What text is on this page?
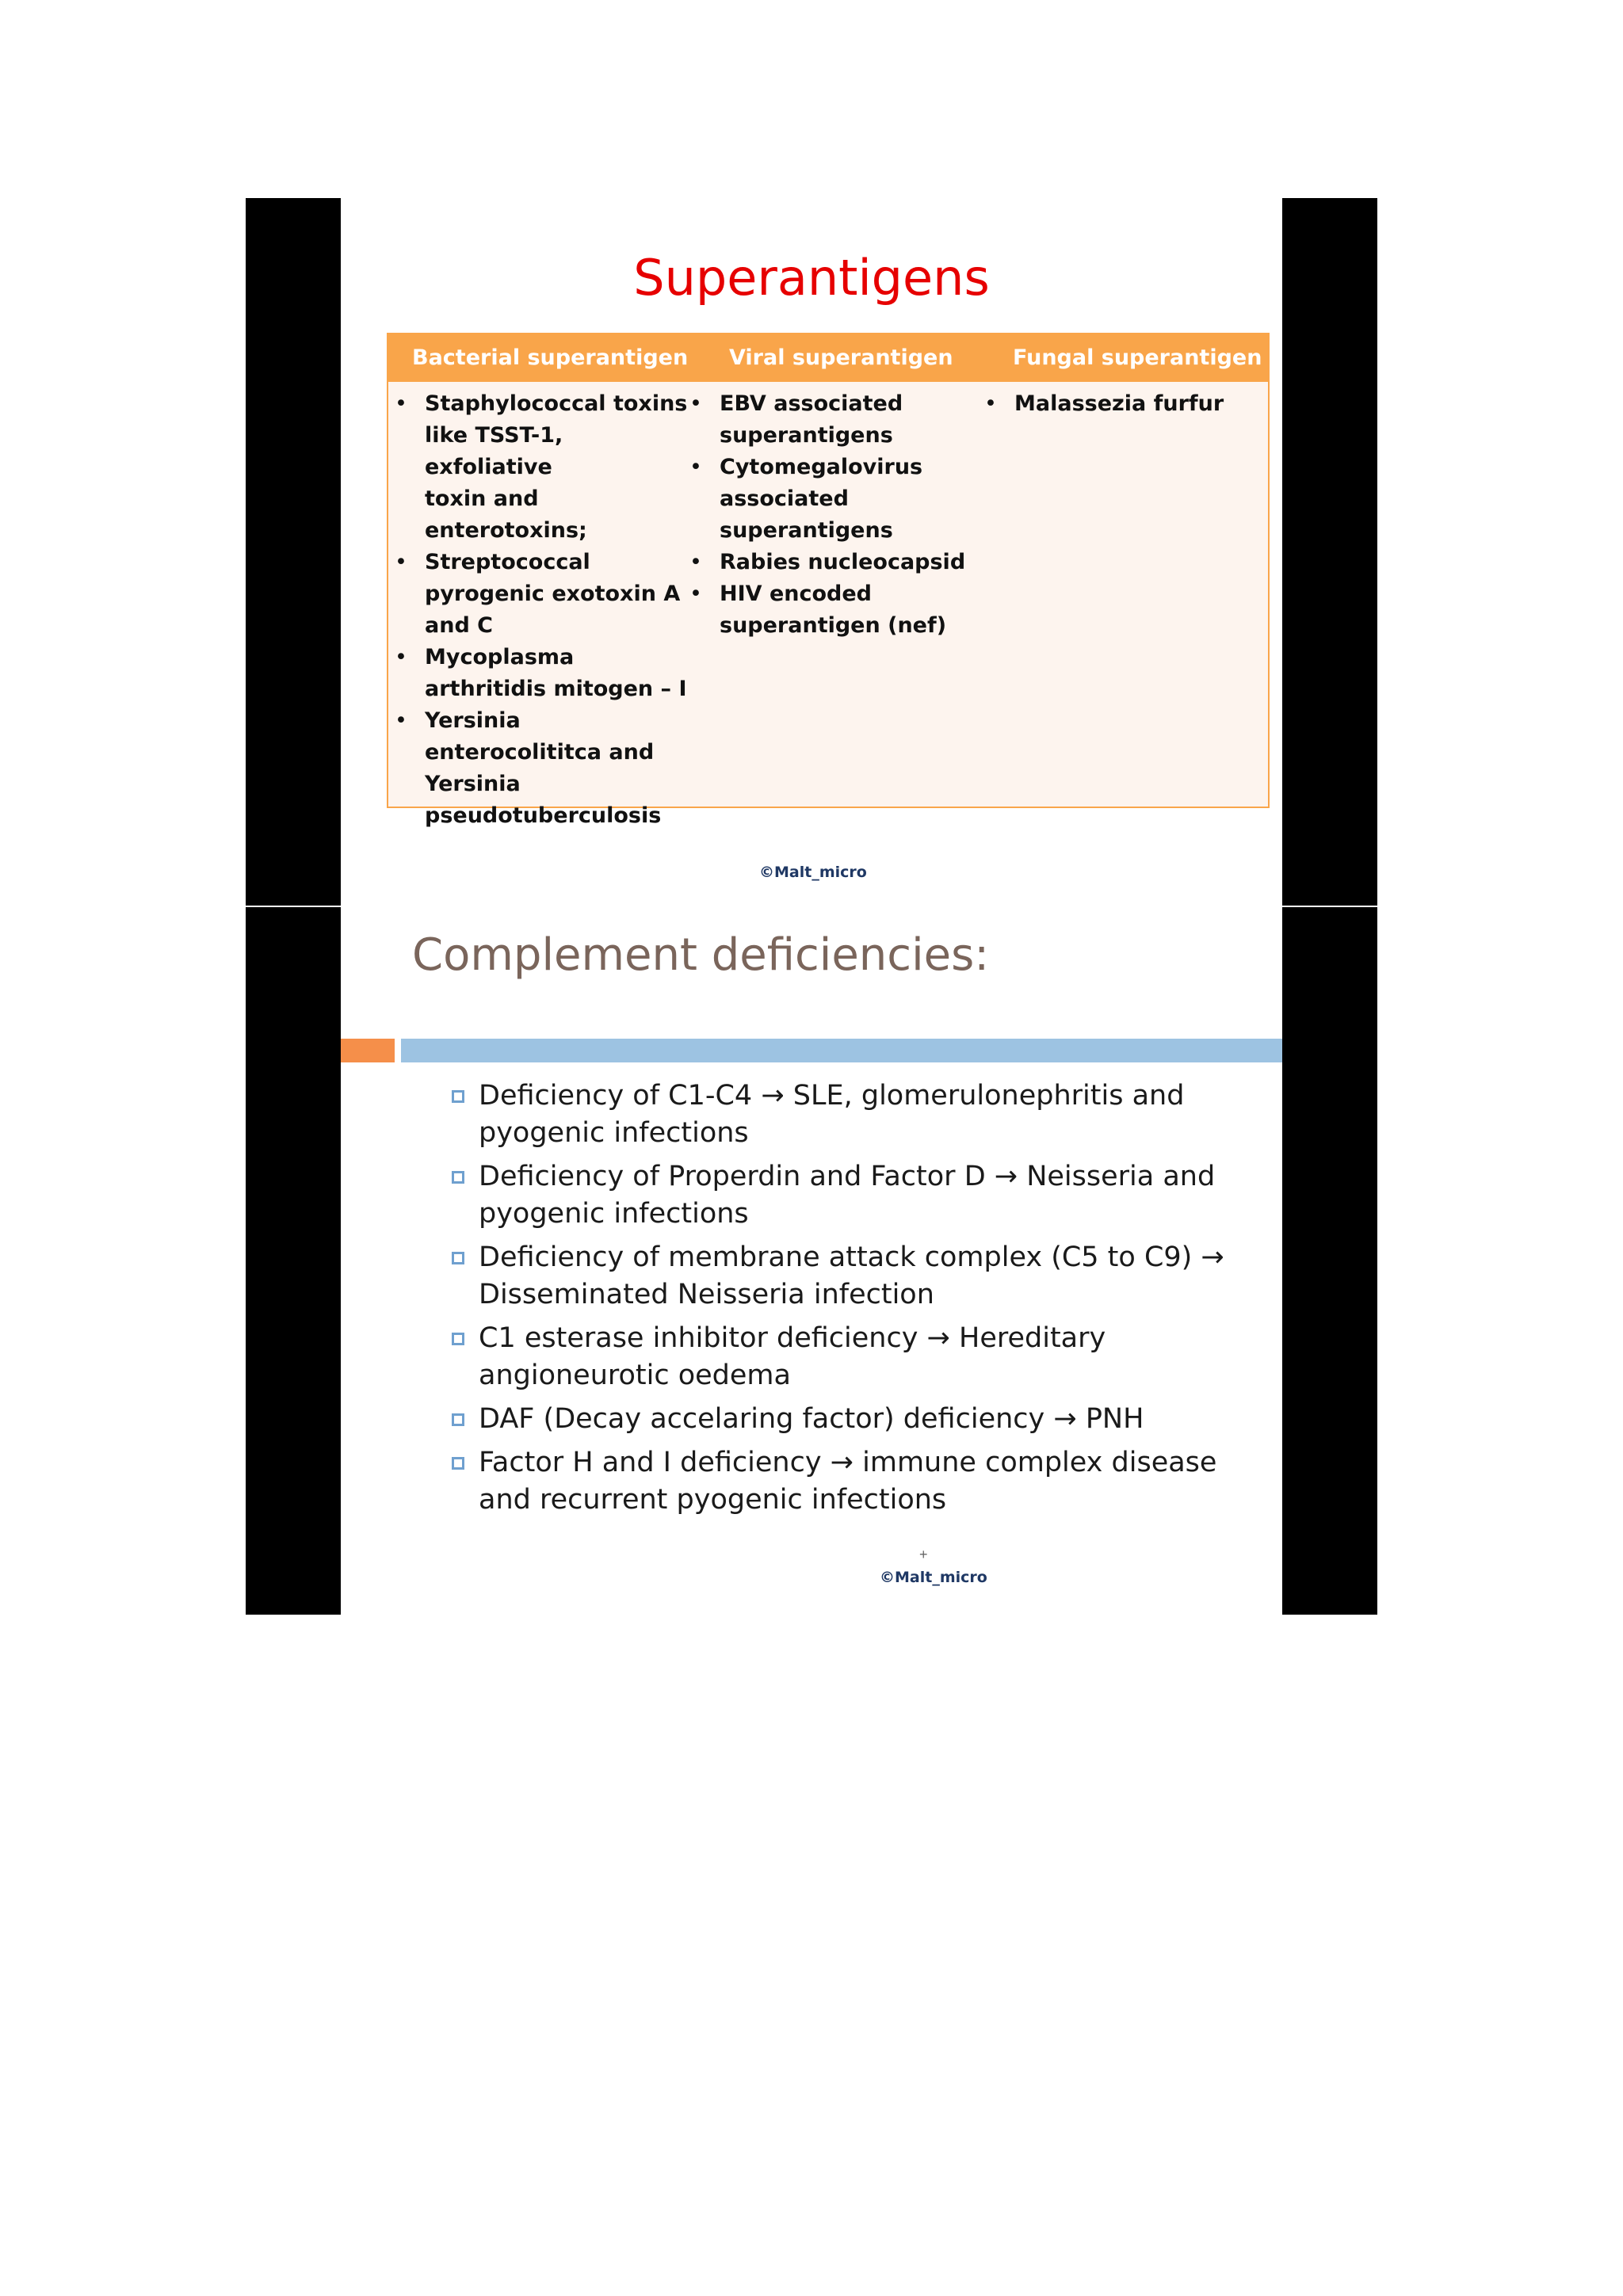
Superantigens
Bacterial superantigen Viral superantigen	Fungal superantigen
• Staphylococcal toxins
like TSST-1, exfoliative
toxin and
enterotoxins;
• Streptococcal
pyrogenic exotoxin A
and C
• Mycoplasma
arthritidis mitogen – I
• Yersinia
enterocolititca and
Yersinia
pseudotuberculosis
• EBV associated
superantigens
• Cytomegalovirus
associated
superantigens
• Rabies nucleocapsid
• HIV encoded
superantigen (nef)
• Malassezia furfur
©Malt_micro
Complement deficiencies:
Deficiency of C1-C4 → SLE, glomerulonephritis and
pyogenic infections
Deficiency of Properdin and Factor D → Neisseria and
pyogenic infections
Deficiency of membrane attack complex (C5 to C9) →
Disseminated Neisseria infection
C1 esterase inhibitor deficiency → Hereditary
angioneurotic oedema
DAF (Decay accelaring factor) deficiency → PNH
Factor H and I deficiency → immune complex disease
and recurrent pyogenic infections
+
©Malt_micro
